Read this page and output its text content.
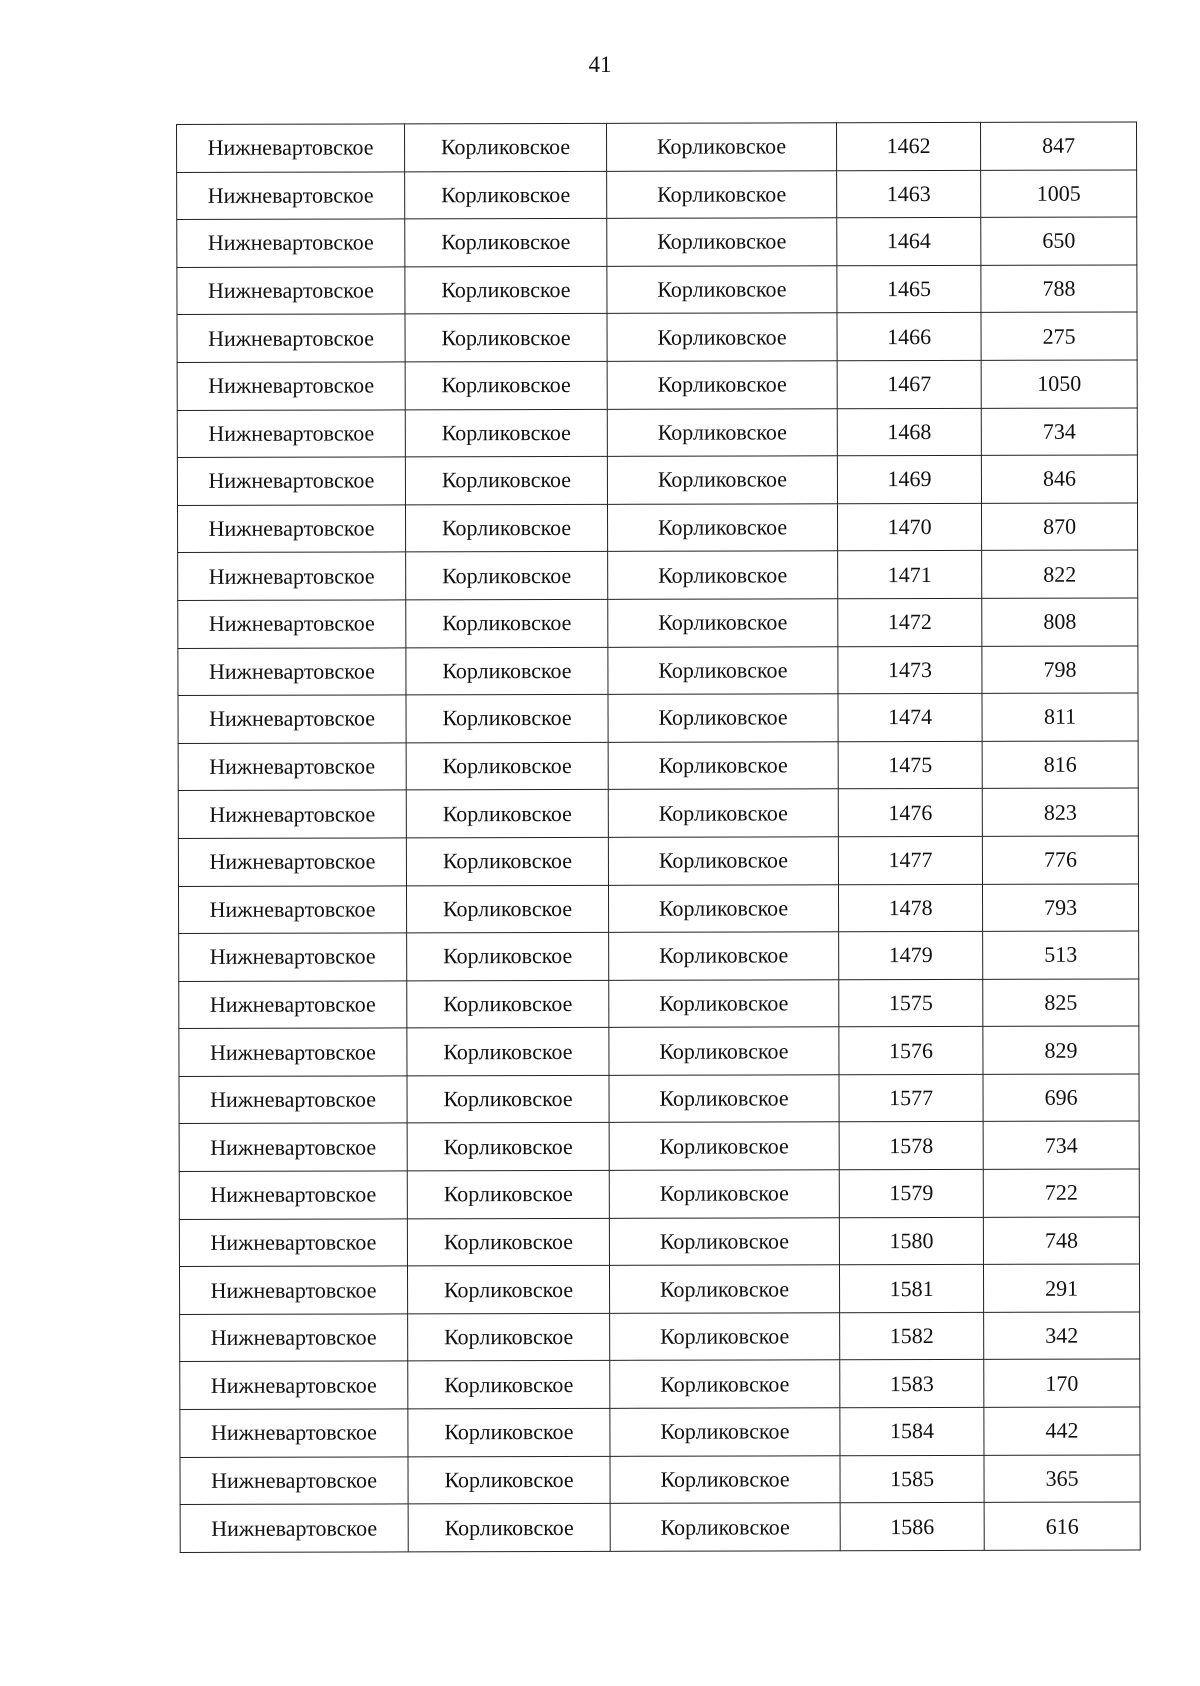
41
Нижневартовское	Корликовское	Корликовское	1462	847
Нижневартовское	Корликовское	Корликовское	1463	1005
Нижневартовское	Корликовское	Корликовское	1464	650
Нижневартовское	Корликовское	Корликовское	1465	788
Нижневартовское	Корликовское	Корликовское	1466	275
Нижневартовское	Корликовское	Корликовское	1467	1050
Нижневартовское	Корликовское	Корликовское	1468	734
Нижневартовское	Корликовское	Корликовское	1469	846
Нижневартовское	Корликовское	Корликовское	1470	870
Нижневартовское	Корликовское	Корликовское	1471	822
Нижневартовское	Корликовское	Корликовское	1472	808
Нижневартовское	Корликовское	Корликовское	1473	798
Нижневартовское	Корликовское	Корликовское	1474	811
Нижневартовское	Корликовское	Корликовское	1475	816
Нижневартовское	Корликовское	Корликовское	1476	823
Нижневартовское	Корликовское	Корликовское	1477	776
Нижневартовское	Корликовское	Корликовское	1478	793
Нижневартовское	Корликовское	Корликовское	1479	513
Нижневартовское	Корликовское	Корликовское	1575	825
Нижневартовское	Корликовское	Корликовское	1576	829
Нижневартовское	Корликовское	Корликовское	1577	696
Нижневартовское	Корликовское	Корликовское	1578	734
Нижневартовское	Корликовское	Корликовское	1579	722
Нижневартовское	Корликовское	Корликовское	1580	748
Нижневартовское	Корликовское	Корликовское	1581	291
Нижневартовское	Корликовское	Корликовское	1582	342
Нижневартовское	Корликовское	Корликовское	1583	170
Нижневартовское	Корликовское	Корликовское	1584	442
Нижневартовское	Корликовское	Корликовское	1585	365
Нижневартовское	Корликовское	Корликовское	1586	616
